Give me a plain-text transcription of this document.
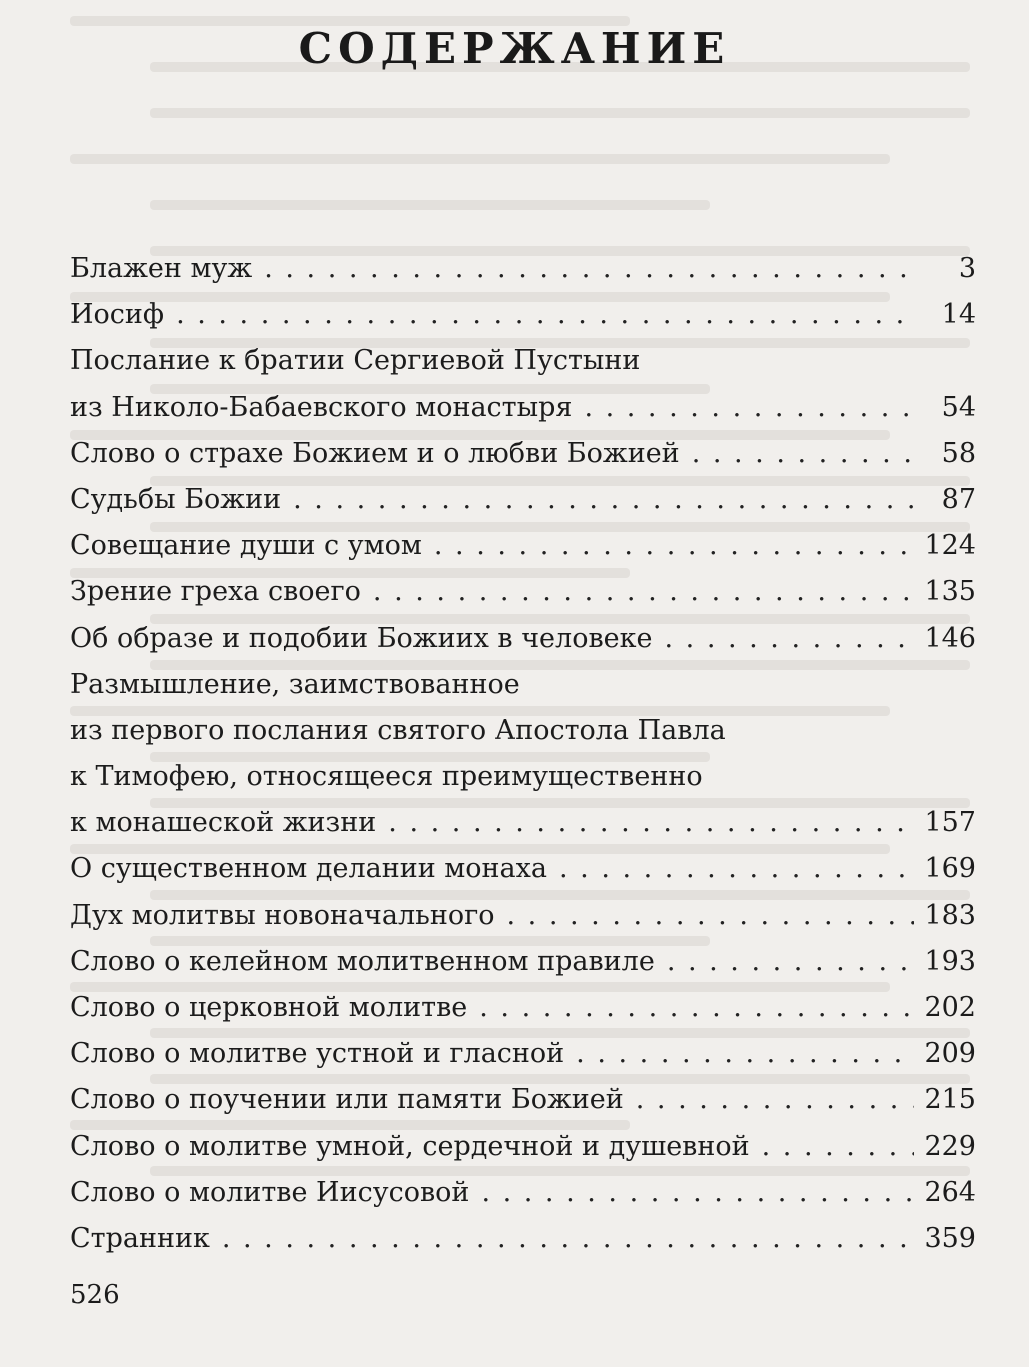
СОДЕРЖАНИЕ
Блажен муж . . .	3
Иосиф . . .	14
Послание к братии Сергиевой Пустыни
из Николо-Бабаевского монастыря . . .	54
Слово о страхе Божием и о любви Божией . . .	58
Судьбы Божии . . .	87
Совещание души с умом . . .	124
Зрение греха своего . . .	135
Об образе и подобии Божиих в человеке . . .	146
Размышление, заимствованное
из первого послания святого Апостола Павла
к Тимофею, относящееся преимущественно
к монашеской жизни . . .	157
О существенном делании монаха . . .	169
Дух молитвы новоначального . . .	183
Слово о келейном молитвенном правиле . . .	193
Слово о церковной молитве . . .	202
Слово о молитве устной и гласной . . .	209
Слово о поучении или памяти Божией . . .	215
Слово о молитве умной, сердечной и душевной . . .	229
Слово о молитве Иисусовой . . .	264
Странник . . .	359
526
